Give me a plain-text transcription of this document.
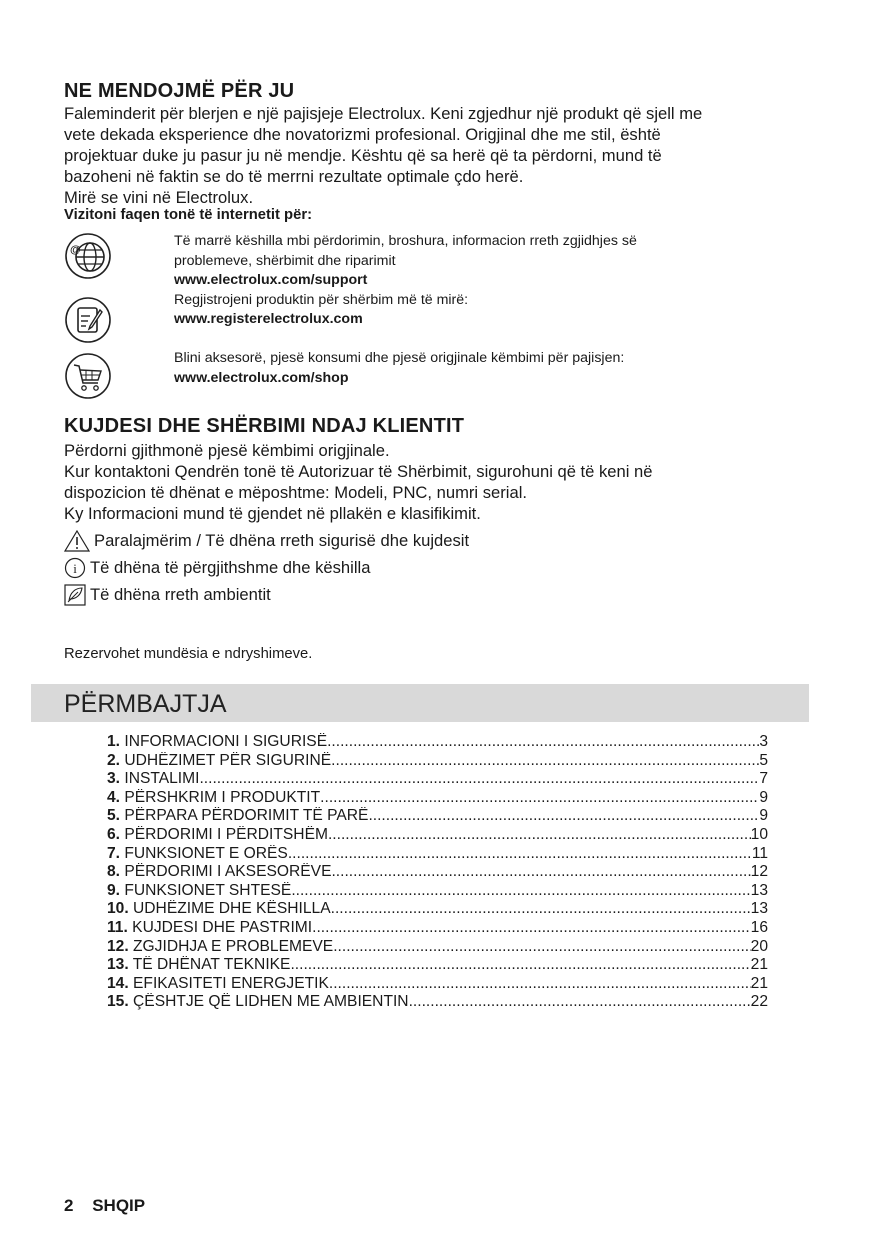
NE MENDOJMË PËR JU
Faleminderit për blerjen e një pajisjeje Electrolux. Keni zgjedhur një produkt që sjell me
vete dekada eksperience dhe novatorizmi profesional. Origjinal dhe me stil, është
projektuar duke ju pasur ju në mendje. Kështu që sa herë që ta përdorni, mund të
bazoheni në faktin se do të merrni rezultate optimale çdo herë.
Mirë se vini në Electrolux.
Vizitoni faqen tonë të internetit për:
@
Të marrë këshilla mbi përdorimin, broshura, informacion rreth zgjidhjes së
problemeve, shërbimit dhe riparimit
www.electrolux.com/support
Regjistrojeni produktin për shërbim më të mirë:
www.registerelectrolux.com
Blini aksesorë, pjesë konsumi dhe pjesë origjinale këmbimi për pajisjen:
www.electrolux.com/shop
KUJDESI DHE SHËRBIMI NDAJ KLIENTIT
Përdorni gjithmonë pjesë këmbimi origjinale.
Kur kontaktoni Qendrën tonë të Autorizuar të Shërbimit, sigurohuni që të keni në
dispozicion të dhënat e mëposhtme: Modeli, PNC, numri serial.
Ky Informacioni mund të gjendet në pllakën e klasifikimit.
Paralajmërim / Të dhëna rreth sigurisë dhe kujdesit
i Të dhëna të përgjithshme dhe këshilla
Të dhëna rreth ambientit
Rezervohet mundësia e ndryshimeve.
PËRMBAJTJA
1. INFORMACIONI I SIGURISË .....	3
2. UDHËZIMET PËR SIGURINË .....	5
3. INSTALIMI .....	7
4. PËRSHKRIM I PRODUKTIT .....	9
5. PËRPARA PËRDORIMIT TË PARË .....	9
6. PËRDORIMI I PËRDITSHËM .....	10
7. FUNKSIONET E ORËS .....	11
8. PËRDORIMI I AKSESORËVE .....	12
9. FUNKSIONET SHTESË .....	13
10. UDHËZIME DHE KËSHILLA .....	13
11. KUJDESI DHE PASTRIMI .....	16
12. ZGJIDHJA E PROBLEMEVE .....	20
13. TË DHËNAT TEKNIKE .....	21
14. EFIKASITETI ENERGJETIK .....	21
15. ÇËSHTJE QË LIDHEN ME AMBIENTIN .....	22
2 SHQIP
